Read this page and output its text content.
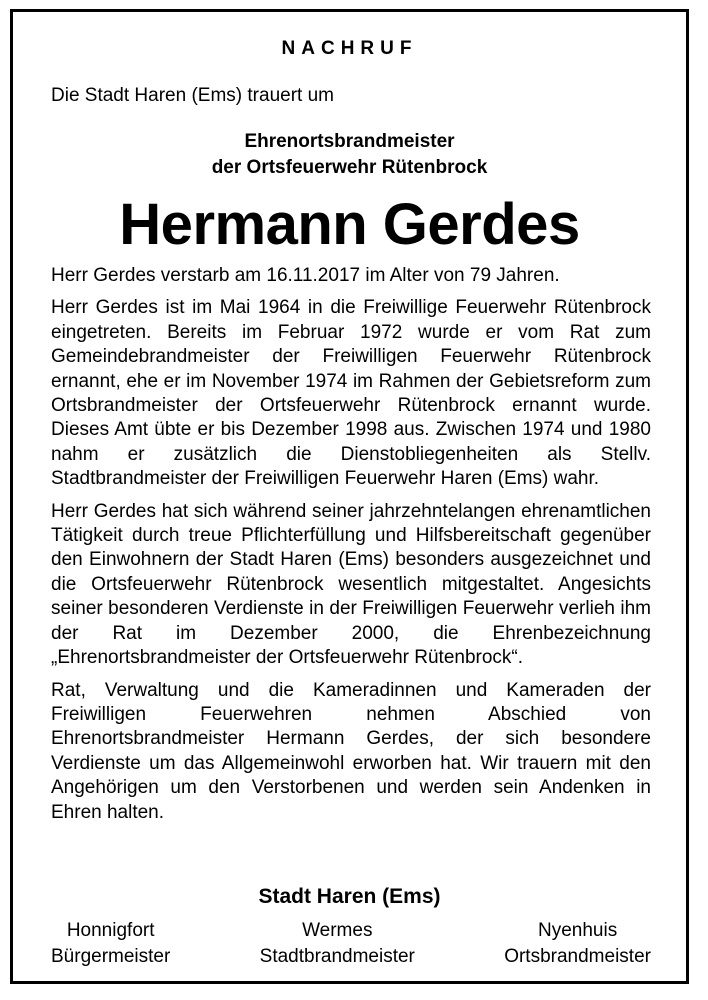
NACHRUF
Die Stadt Haren (Ems) trauert um
Ehrenortsbrandmeister
der Ortsfeuerwehr Rütenbrock
Hermann Gerdes

Herr Gerdes verstarb am 16.11.2017 im Alter von 79 Jahren.

Herr Gerdes ist im Mai 1964 in die Freiwillige Feuerwehr Rütenbrock eingetreten. Bereits im Februar 1972 wurde er vom Rat zum Gemeindebrandmeister der Freiwilligen Feuerwehr Rütenbrock ernannt, ehe er im November 1974 im Rahmen der Gebietsreform zum Ortsbrandmeister der Ortsfeuerwehr Rütenbrock ernannt wurde. Dieses Amt übte er bis Dezember 1998 aus. Zwischen 1974 und 1980 nahm er zusätzlich die Dienstobliegenheiten als Stellv. Stadtbrandmeister der Freiwilligen Feuerwehr Haren (Ems) wahr.

Herr Gerdes hat sich während seiner jahrzehntelangen ehrenamtlichen Tätigkeit durch treue Pflichterfüllung und Hilfsbereitschaft gegenüber den Einwohnern der Stadt Haren (Ems) besonders ausgezeichnet und die Ortsfeuerwehr Rütenbrock wesentlich mitgestaltet. Angesichts seiner besonderen Verdienste in der Freiwilligen Feuerwehr verlieh ihm der Rat im Dezember 2000, die Ehrenbezeichnung „Ehrenortsbrandmeister der Ortsfeuerwehr Rütenbrock“.

Rat, Verwaltung und die Kameradinnen und Kameraden der Freiwilligen Feuerwehren nehmen Abschied von Ehrenortsbrandmeister Hermann Gerdes, der sich besondere Verdienste um das Allgemeinwohl erworben hat. Wir trauern mit den Angehörigen um den Verstorbenen und werden sein Andenken in Ehren halten.

Stadt Haren (Ems)
Honnigfort
Bürgermeister
Wermes
Stadtbrandmeister
Nyenhuis
Ortsbrandmeister
